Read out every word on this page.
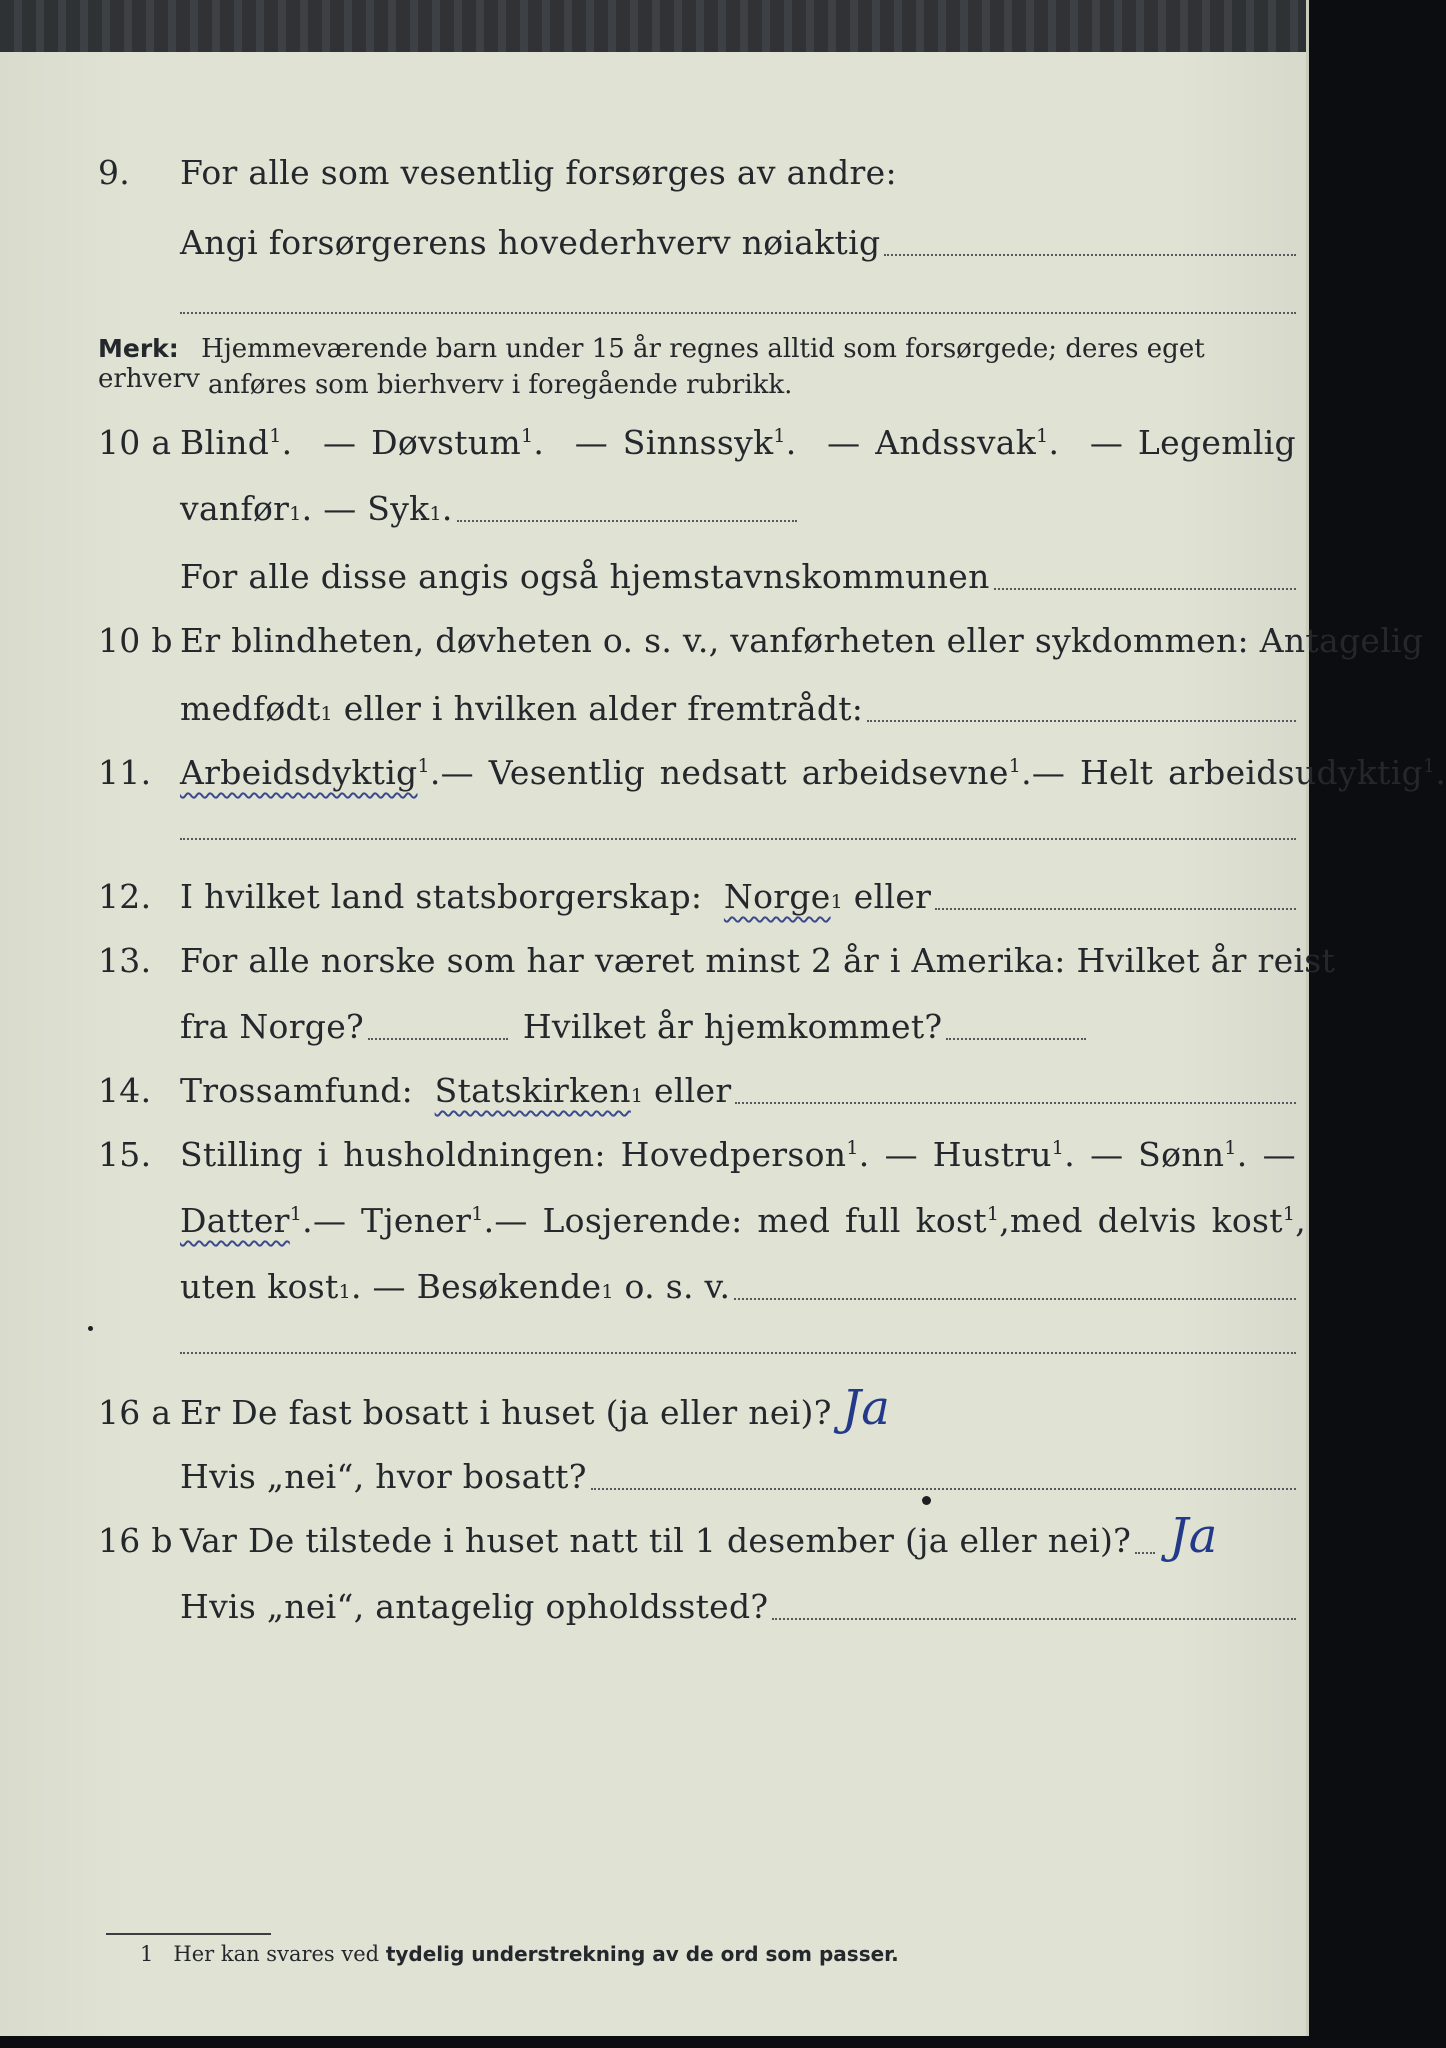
9. For alle som vesentlig forsørges av andre:
Angi forsørgerens hovederhverv nøiaktig
Merk: Hjemmeværende barn under 15 år regnes alltid som forsørgede; deres eget erhverv anføres som bierhverv i foregående rubrikk.
10 a Blind$^1$. — Døvstum$^1$. — Sinnssyk$^1$. — Andssvak$^1$. — Legemlig
vanfør 1 . — Syk 1 .
For alle disse angis også hjemstavnskommunen
10 b Er blindheten, døvheten o. s. v., vanførheten eller sykdommen: Antagelig
medfødt 1
eller i hvilken alder fremtrådt:
11. Arbeidsdyktig$^1$. — Vesentlig nedsatt arbeidsevne$^1$. — Helt arbeidsudyktig$^1$.
12. I hvilket land statsborgerskap:
Norge 1
eller
13. For alle norske som har været minst 2 år i Amerika: Hvilket år reist
fra Norge?
	Hvilket år hjemkommet?
14. Trossamfund:
Statskirken 1
eller
15. Stilling i husholdningen: Hovedperson$^1$. — Hustru$^1$. — Sønn$^1$. —
Datter$^1$. — Tjener$^1$. — Losjerende: med full kost$^1$, med delvis kost$^1$,
uten kost 1 . — Besøkende 1
o. s. v.
16 a Er De fast bosatt i huset (ja eller nei)? Ja
Hvis „nei“, hvor bosatt?
16 b Var De tilstede i huset natt til 1 desember (ja eller nei)? Ja
Hvis „nei“, antagelig opholdssted?
1 Her kan svares ved tydelig understrekning av de ord som passer.
